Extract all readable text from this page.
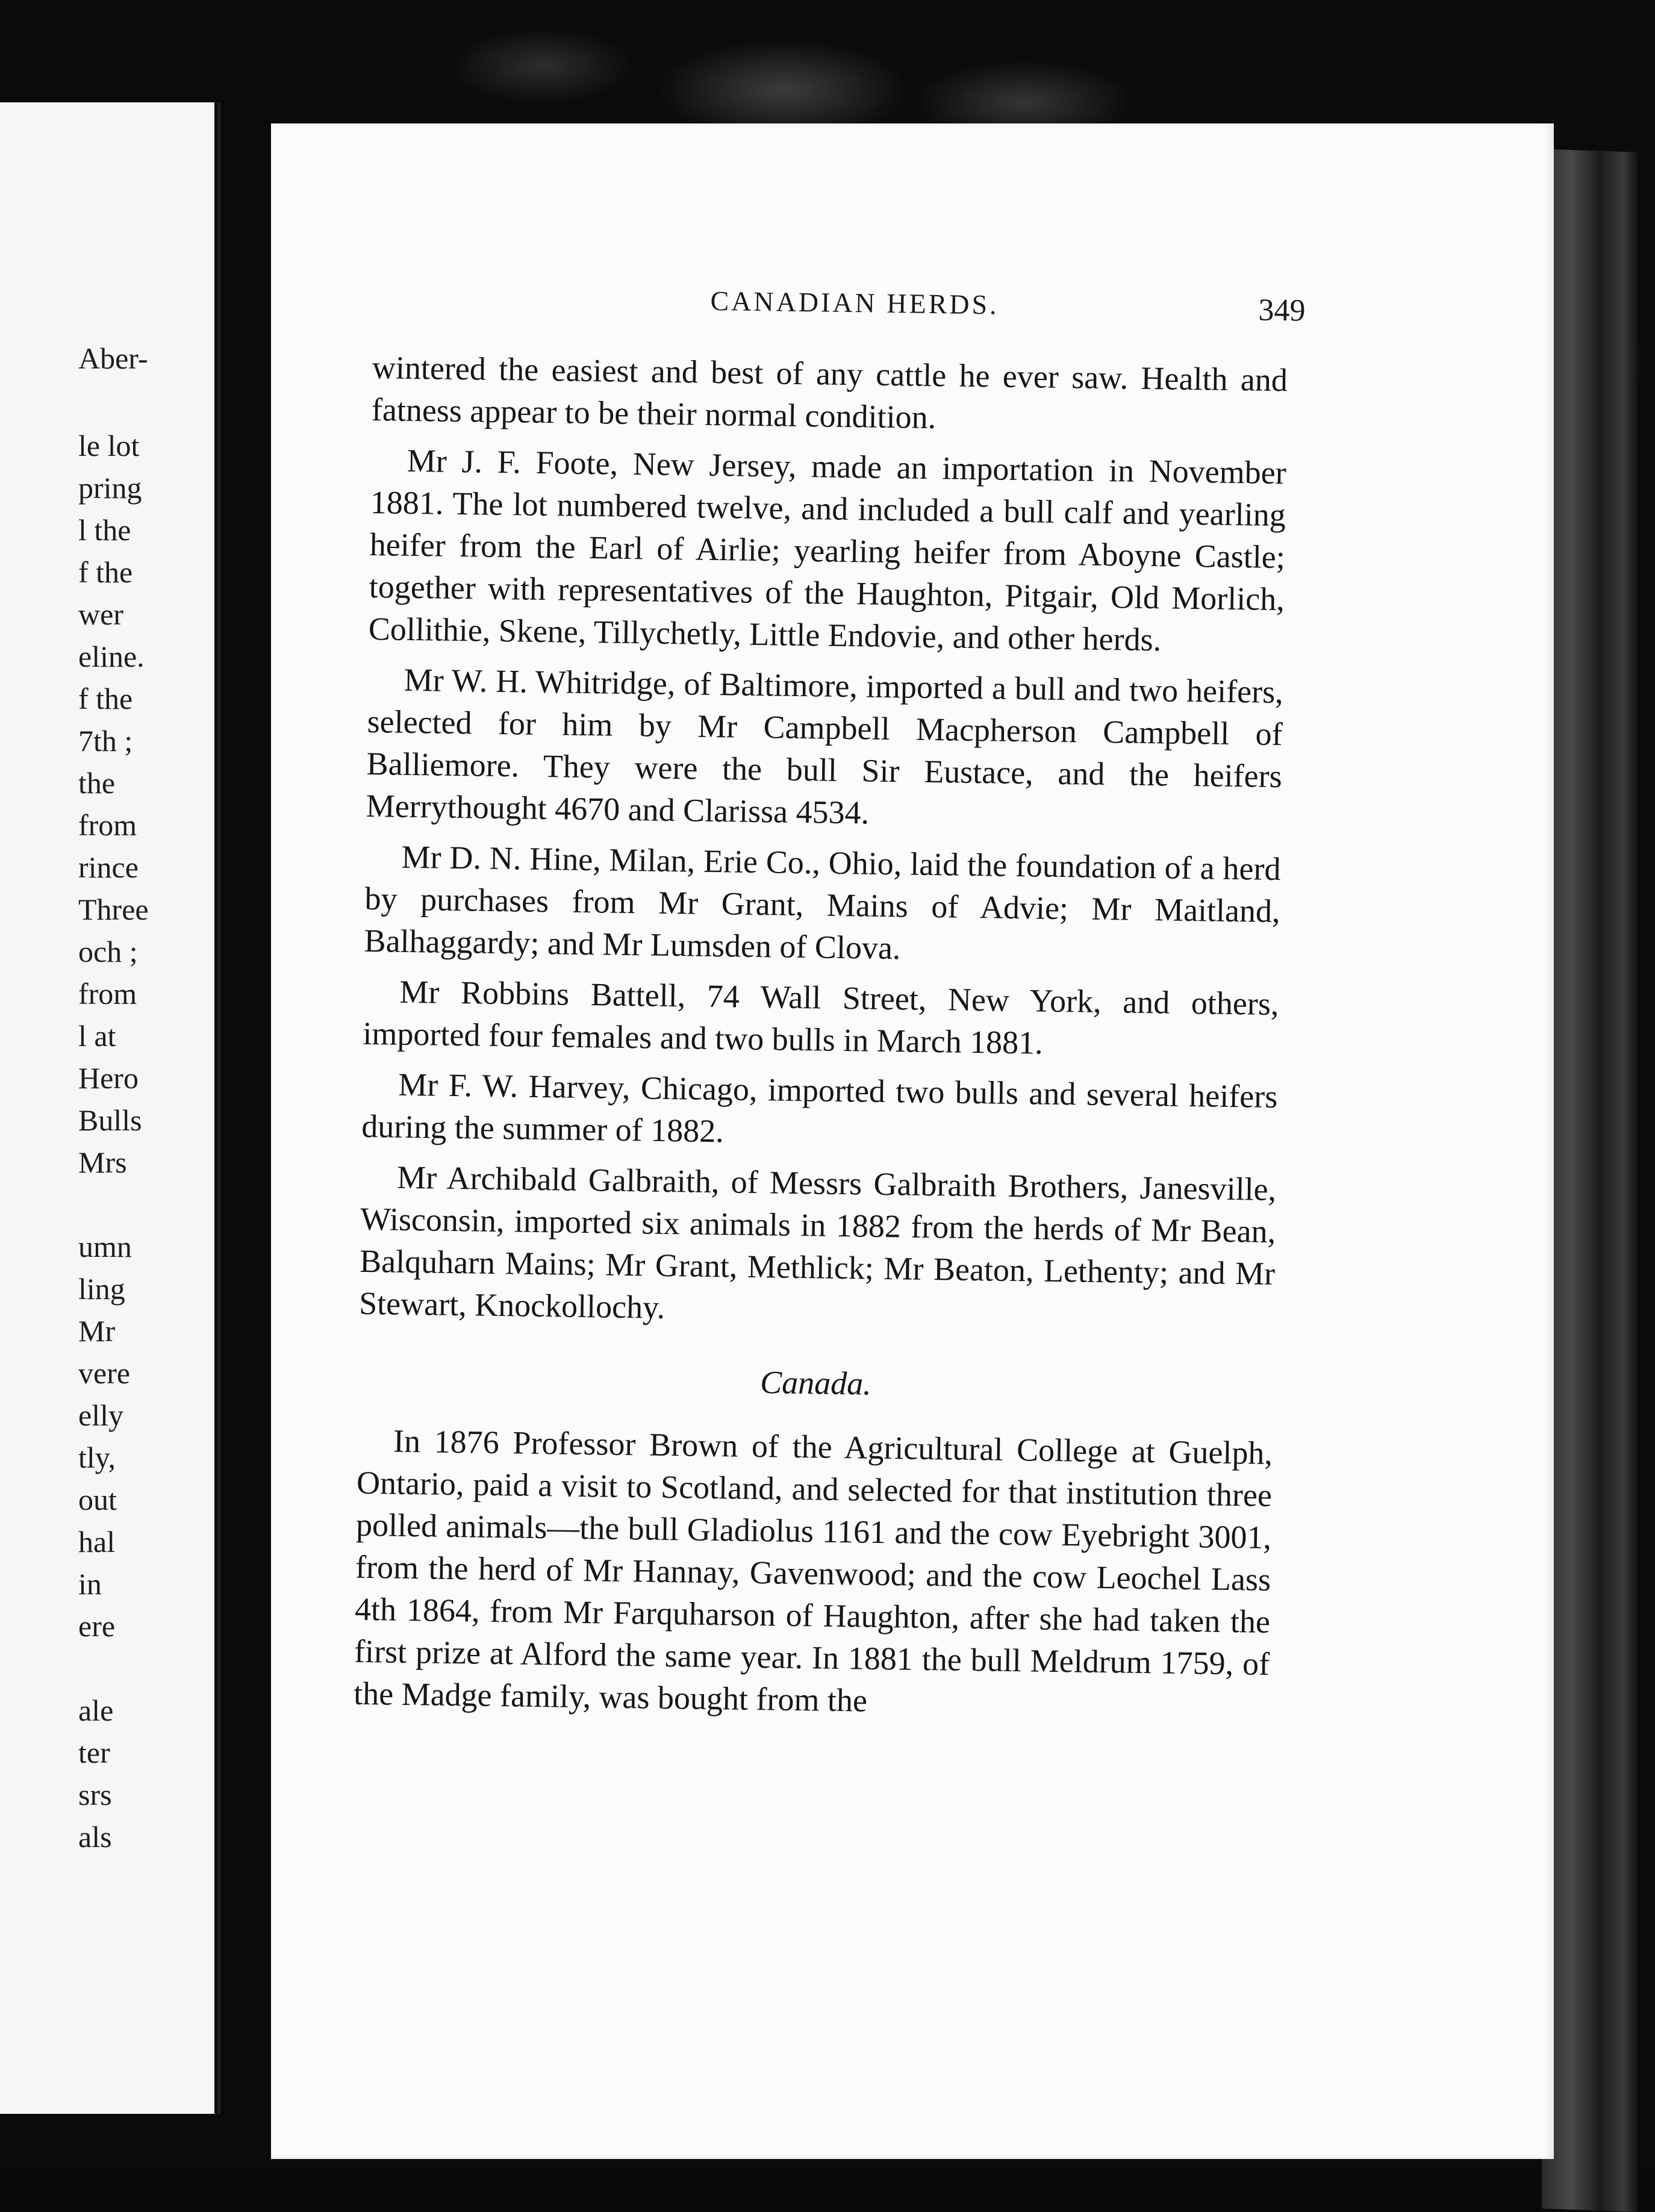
Aber-
le lot
pring
l the
f the
wer
eline.
f the
7th ;
the
from
rince
Three
och ;
from
l at
Hero
Bulls
Mrs
umn
ling
Mr
vere
elly
tly,
out
hal
in
ere
ale
ter
srs
als
CANADIAN HERDS.	349

wintered the easiest and best of any cattle he ever saw. Health and fatness appear to be their normal condition.

Mr J. F. Foote, New Jersey, made an importation in November 1881. The lot numbered twelve, and included a bull calf and yearling heifer from the Earl of Airlie; yearling heifer from Aboyne Castle; together with representatives of the Haughton, Pitgair, Old Morlich, Collithie, Skene, Tillychetly, Little Endovie, and other herds.

Mr W. H. Whitridge, of Baltimore, imported a bull and two heifers, selected for him by Mr Campbell Macpherson Campbell of Balliemore. They were the bull Sir Eustace, and the heifers Merrythought 4670 and Clarissa 4534.

Mr D. N. Hine, Milan, Erie Co., Ohio, laid the foundation of a herd by purchases from Mr Grant, Mains of Advie; Mr Maitland, Balhaggardy; and Mr Lumsden of Clova.

Mr Robbins Battell, 74 Wall Street, New York, and others, imported four females and two bulls in March 1881.

Mr F. W. Harvey, Chicago, imported two bulls and several heifers during the summer of 1882.

Mr Archibald Galbraith, of Messrs Galbraith Brothers, Janesville, Wisconsin, imported six animals in 1882 from the herds of Mr Bean, Balquharn Mains; Mr Grant, Methlick; Mr Beaton, Lethenty; and Mr Stewart, Knockollochy.

Canada.

In 1876 Professor Brown of the Agricultural College at Guelph, Ontario, paid a visit to Scotland, and selected for that institution three polled animals—the bull Gladiolus 1161 and the cow Eyebright 3001, from the herd of Mr Hannay, Gavenwood; and the cow Leochel Lass 4th 1864, from Mr Farquharson of Haughton, after she had taken the first prize at Alford the same year. In 1881 the bull Meldrum 1759, of the Madge family, was bought from the
